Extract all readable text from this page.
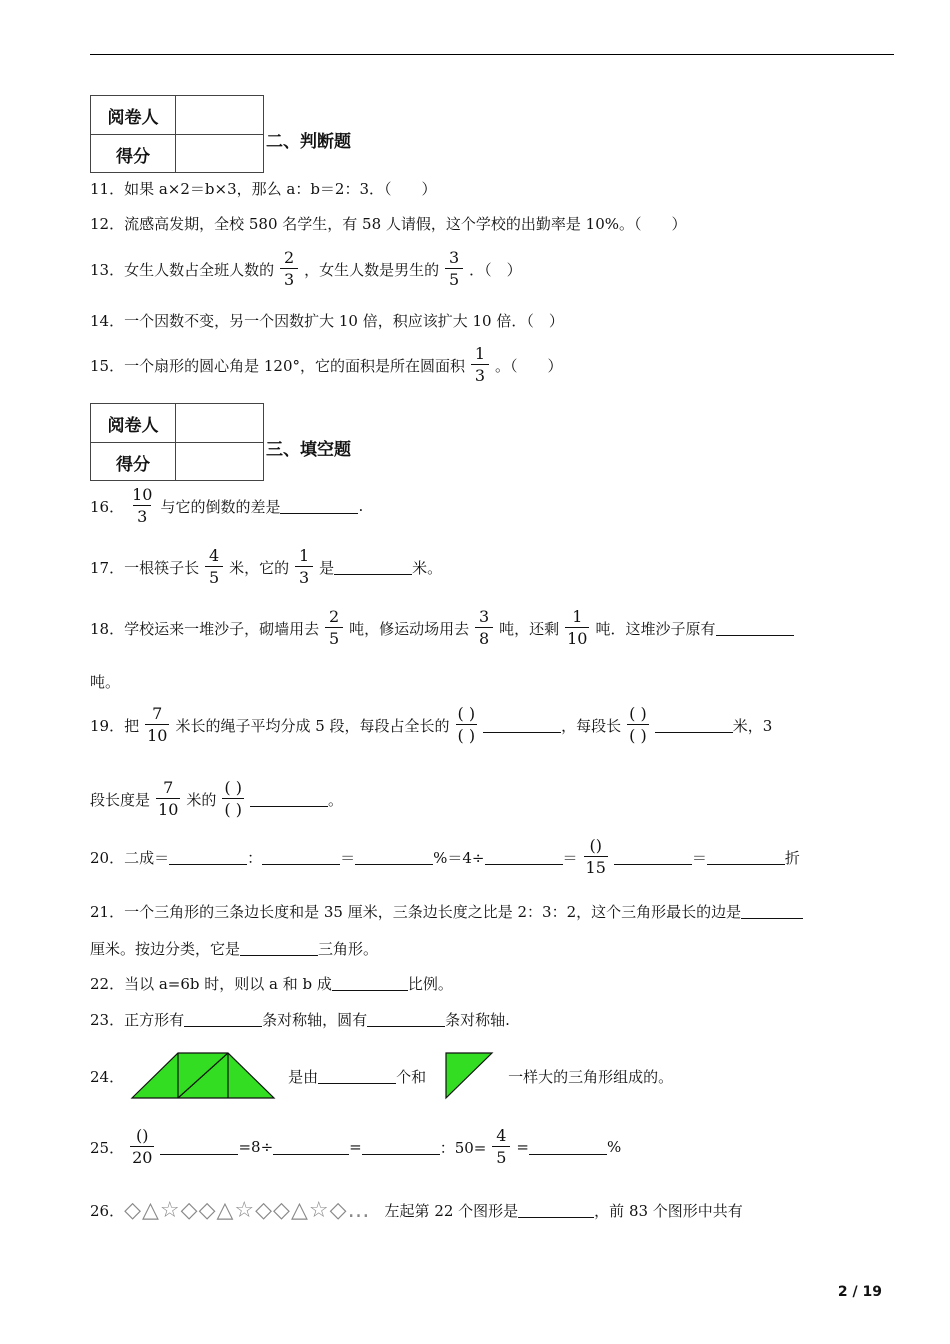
阅卷人
得分
二、判断题
11．如果 a×2＝b×3，那么 a：b＝2：3．（　　）
12．流感高发期，全校 580 名学生，有 58 人请假，这个学校的出勤率是 10%。（　　）
13．女生人数占全班人数的 $\frac{2}{3}$ ，女生人数是男生的 $\frac{3}{5}$ ．（　）
14．一个因数不变，另一个因数扩大 10 倍，积应该扩大 10 倍．（　）
15．一个扇形的圆心角是 120°，它的面积是所在圆面积 $\frac{1}{3}$ 。（　　）
阅卷人
得分
三、填空题
16． $\frac{10}{3}$ 与它的倒数的差是	.
17．一根筷子长 $\frac{4}{5}$ 米，它的 $\frac{1}{3}$ 是	米。
18．学校运来一堆沙子，砌墙用去 $\frac{2}{5}$ 吨，修运动场用去 $\frac{3}{8}$ 吨，还剩 $\frac{1}{10}$ 吨．这堆沙子原有
吨。
19．把 $\frac{7}{10}$ 米长的绳子平均分成 5 段，每段占全长的 $\frac{( )}{( )}$	，每段长 $\frac{( )}{( )}$	米，3
段长度是 $\frac{7}{10}$ 米的 $\frac{( )}{( )}$	。
20．二成＝	：	＝	%＝4÷	＝ $\frac{()}{15}$	＝	折
21．一个三角形的三条边长度和是 35 厘米，三条边长度之比是 2：3：2，这个三角形最长的边是
厘米。按边分类，它是	三角形。
22．当以 a=6b 时，则以 a 和 b 成	比例。
23．正方形有	条对称轴，圆有	条对称轴.
24．	是由	个和	一样大的三角形组成的。
25． $\frac{()}{20}$	=8÷	=	：$50= \frac{4}{5}$ =	%
26． ◇△☆◇◇△☆◇◇△☆◇… 左起第 22 个图形是	，前 83 个图形中共有
2 / 19
